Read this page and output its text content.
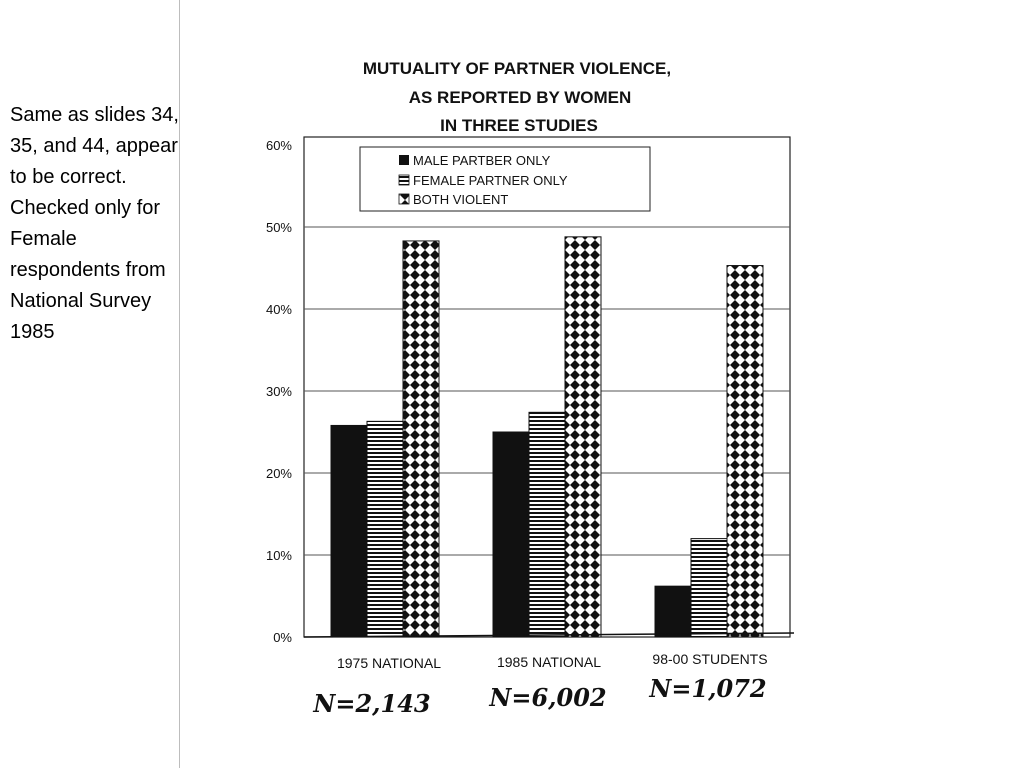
Same as slides 34, 35, and 44, appear to be correct. Checked only for Female respondents from National Survey 1985
MUTUALITY OF PARTNER VIOLENCE,
AS REPORTED BY WOMEN
IN THREE STUDIES
0%
10%
20%
30%
40%
50%
60%
1975 NATIONAL	1985 NATIONAL	98-00 STUDENTS
MALE PARTBER ONLY
FEMALE PARTNER ONLY
BOTH VIOLENT
N=2,143 N=6,002 N=1,072
